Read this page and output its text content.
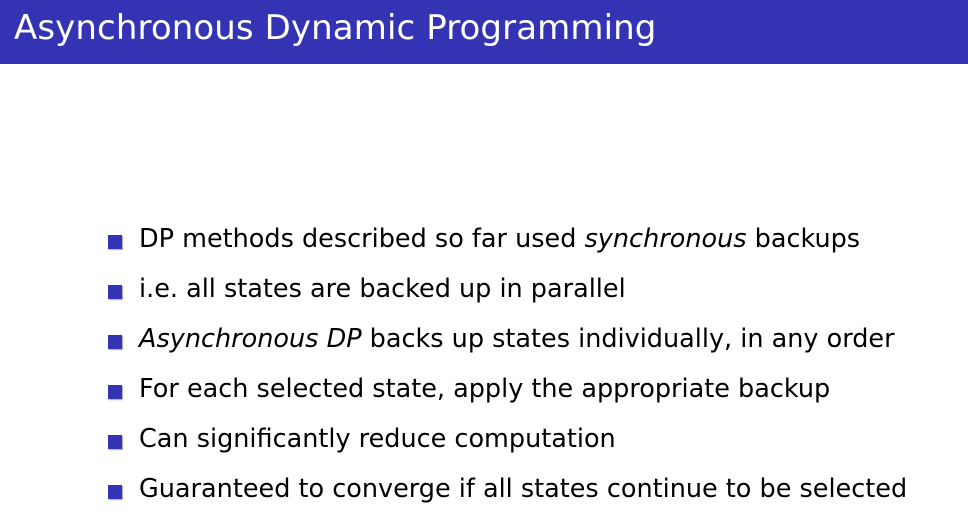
Asynchronous Dynamic Programming
DP methods described so far used synchronous backups
i.e. all states are backed up in parallel
Asynchronous DP backs up states individually, in any order
For each selected state, apply the appropriate backup
Can significantly reduce computation
Guaranteed to converge if all states continue to be selected
